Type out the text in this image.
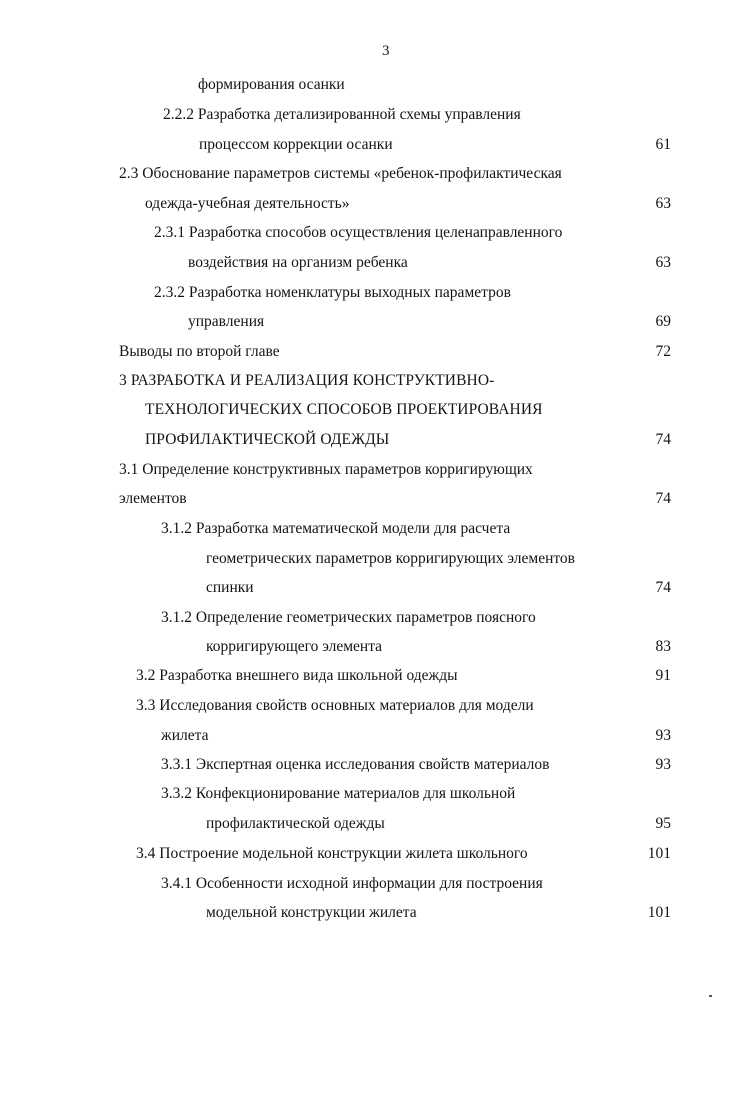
3
формирования осанки
2.2.2 Разработка детализированной схемы управления
процессом коррекции осанки	61
2.3 Обоснование параметров системы «ребенок-профилактическая
одежда-учебная деятельность»	63
2.3.1 Разработка способов осуществления целенаправленного
воздействия на организм ребенка	63
2.3.2 Разработка номенклатуры выходных параметров
управления	69
Выводы по второй главе	72
3 РАЗРАБОТКА И РЕАЛИЗАЦИЯ КОНСТРУКТИВНО-
ТЕХНОЛОГИЧЕСКИХ СПОСОБОВ ПРОЕКТИРОВАНИЯ
ПРОФИЛАКТИЧЕСКОЙ ОДЕЖДЫ	74
3.1 Определение конструктивных параметров корригирующих
элементов	74
3.1.2 Разработка математической модели для расчета
геометрических параметров корригирующих элементов
спинки	74
3.1.2 Определение геометрических параметров поясного
корригирующего элемента	83
3.2 Разработка внешнего вида школьной одежды	91
3.3 Исследования свойств основных материалов для модели
жилета	93
3.3.1 Экспертная оценка исследования свойств материалов	93
3.3.2 Конфекционирование материалов для школьной
профилактической одежды	95
3.4 Построение модельной конструкции жилета школьного	101
3.4.1 Особенности исходной информации для построения
модельной конструкции жилета	101
